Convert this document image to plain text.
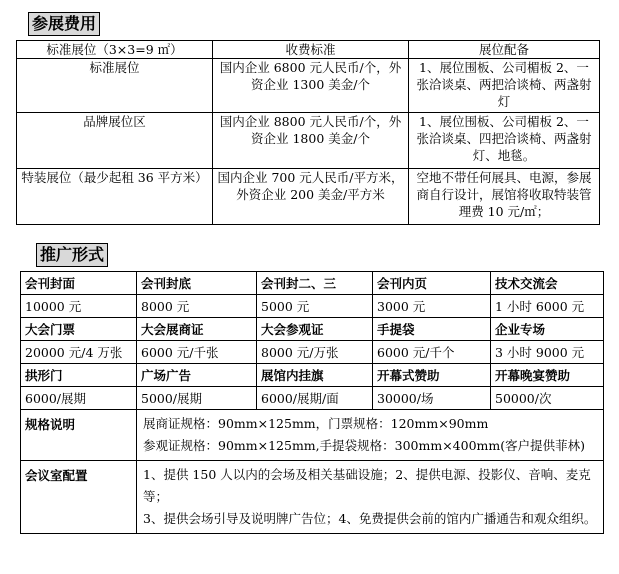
参展费用
标准展位（3×3=9 ㎡）	收费标准	展位配备
标准展位	国内企业 6800 元人民币/个，外资企业 1300 美金/个	1、展位围板、公司楣板 2、一张洽谈桌、两把洽谈椅、两盏射灯
品牌展位区	国内企业 8800 元人民币/个，外资企业 1800 美金/个	1、展位围板、公司楣板 2、一张洽谈桌、四把洽谈椅、两盏射灯、地毯。
特装展位（最少起租 36 平方米）	国内企业 700 元人民币/平方米，外资企业 200 美金/平方米	空地不带任何展具、电源，参展商自行设计，展馆将收取特装管理费 10 元/㎡；
推广形式
会刊封面	会刊封底	会刊封二、三	会刊内页	技术交流会
10000 元	8000 元	5000 元	3000 元	1 小时 6000 元
大会门票	大会展商证	大会参观证	手提袋	企业专场
20000 元/4 万张	6000 元/千张	8000 元/万张	6000 元/千个	3 小时 9000 元
拱形门	广场广告	展馆内挂旗	开幕式赞助	开幕晚宴赞助
6000/展期	5000/展期	6000/展期/面	30000/场	50000/次
规格说明	展商证规格：90mm×125mm，门票规格：120mm×90mm
参观证规格：90mm×125mm,手提袋规格：300mm×400mm(客户提供菲林)			

会议室配置	1、提供 150 人以内的会场及相关基础设施；2、提供电源、投影仪、音响、麦克等；
3、提供会场引导及说明牌广告位；4、免费提供会前的馆内广播通告和观众组织。			
